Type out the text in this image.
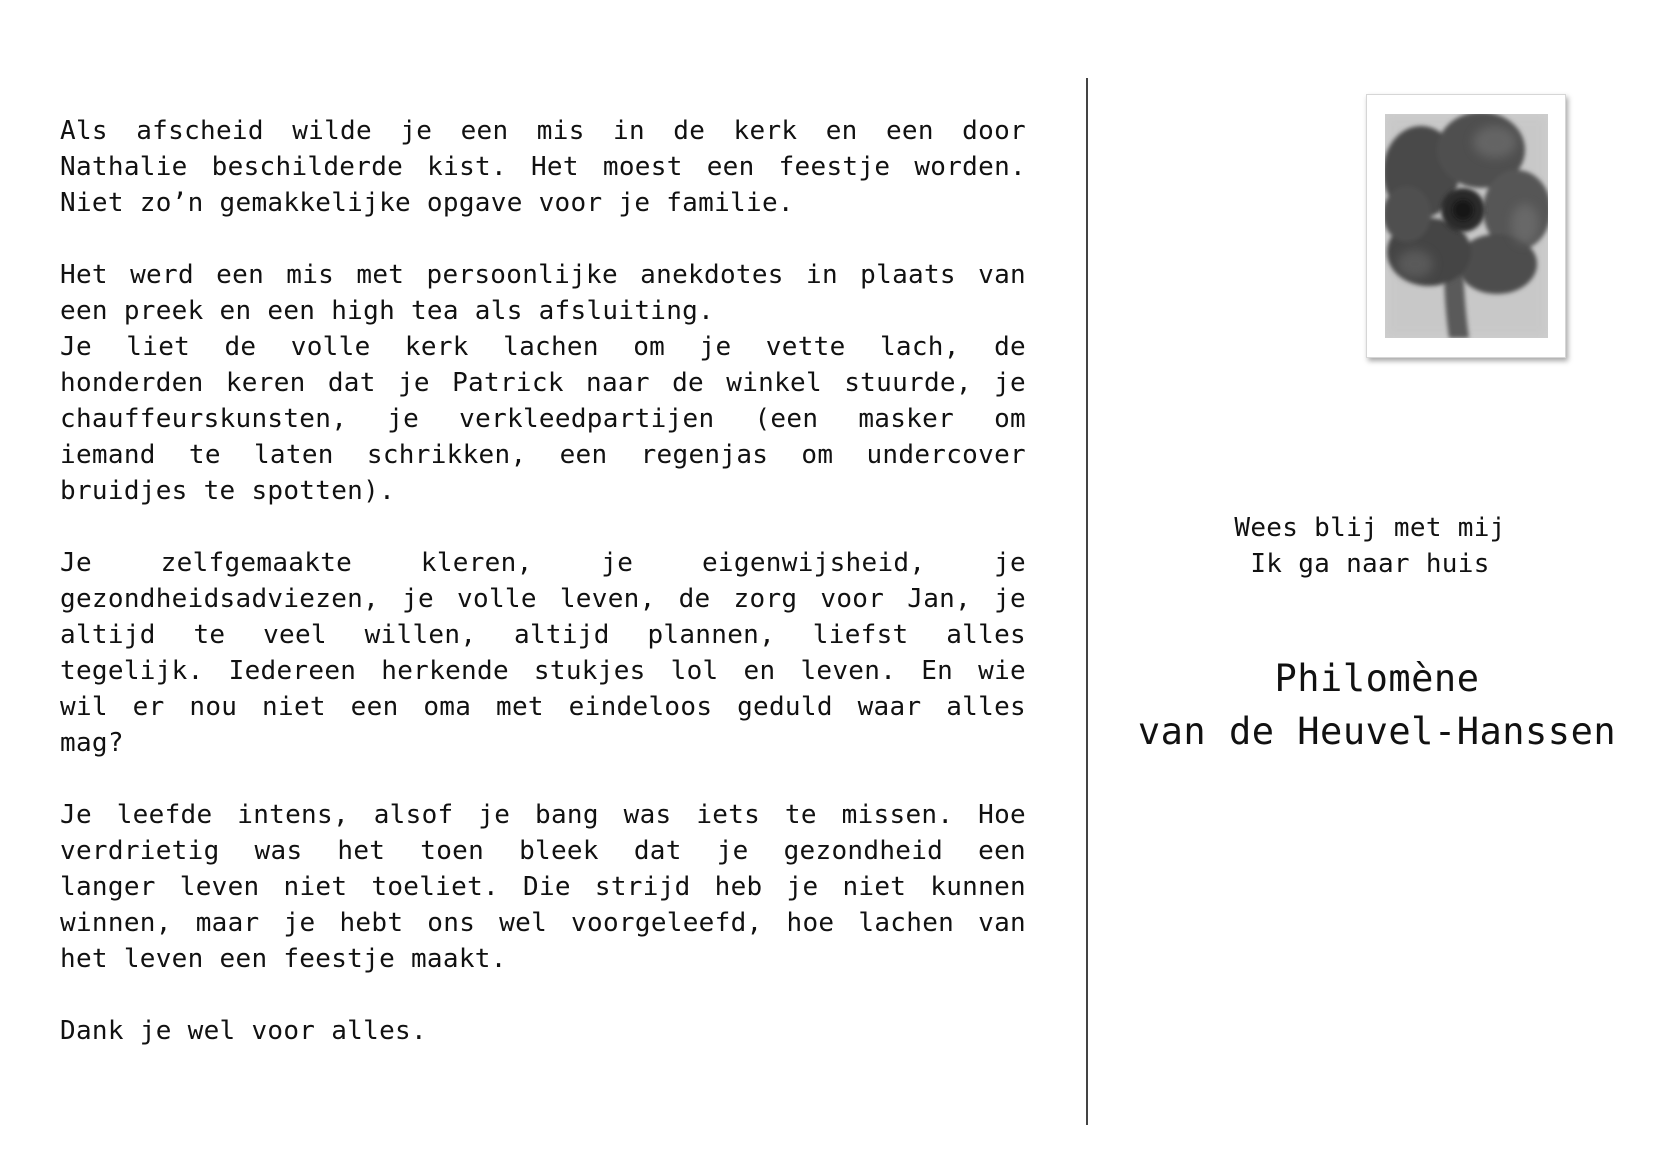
Als afscheid wilde je een mis in de kerk en een door
Nathalie beschilderde kist. Het moest een feestje worden.
Niet zo’n gemakkelijke opgave voor je familie.

Het werd een mis met persoonlijke anekdotes in plaats van
een preek en een high tea als afsluiting.
Je liet de volle kerk lachen om je vette lach, de
honderden keren dat je Patrick naar de winkel stuurde, je
chauffeurskunsten, je verkleedpartijen (een masker om
iemand te laten schrikken, een regenjas om undercover
bruidjes te spotten).

Je zelfgemaakte kleren, je eigenwijsheid, je
gezondheidsadviezen, je volle leven, de zorg voor Jan, je
altijd te veel willen, altijd plannen, liefst alles
tegelijk. Iedereen herkende stukjes lol en leven. En wie
wil er nou niet een oma met eindeloos geduld waar alles
mag?

Je leefde intens, alsof je bang was iets te missen. Hoe
verdrietig was het toen bleek dat je gezondheid een
langer leven niet toeliet. Die strijd heb je niet kunnen
winnen, maar je hebt ons wel voorgeleefd, hoe lachen van
het leven een feestje maakt.

Dank je wel voor alles.

Wees blij met mij
Ik ga naar huis
Philomène
van de Heuvel-Hanssen
